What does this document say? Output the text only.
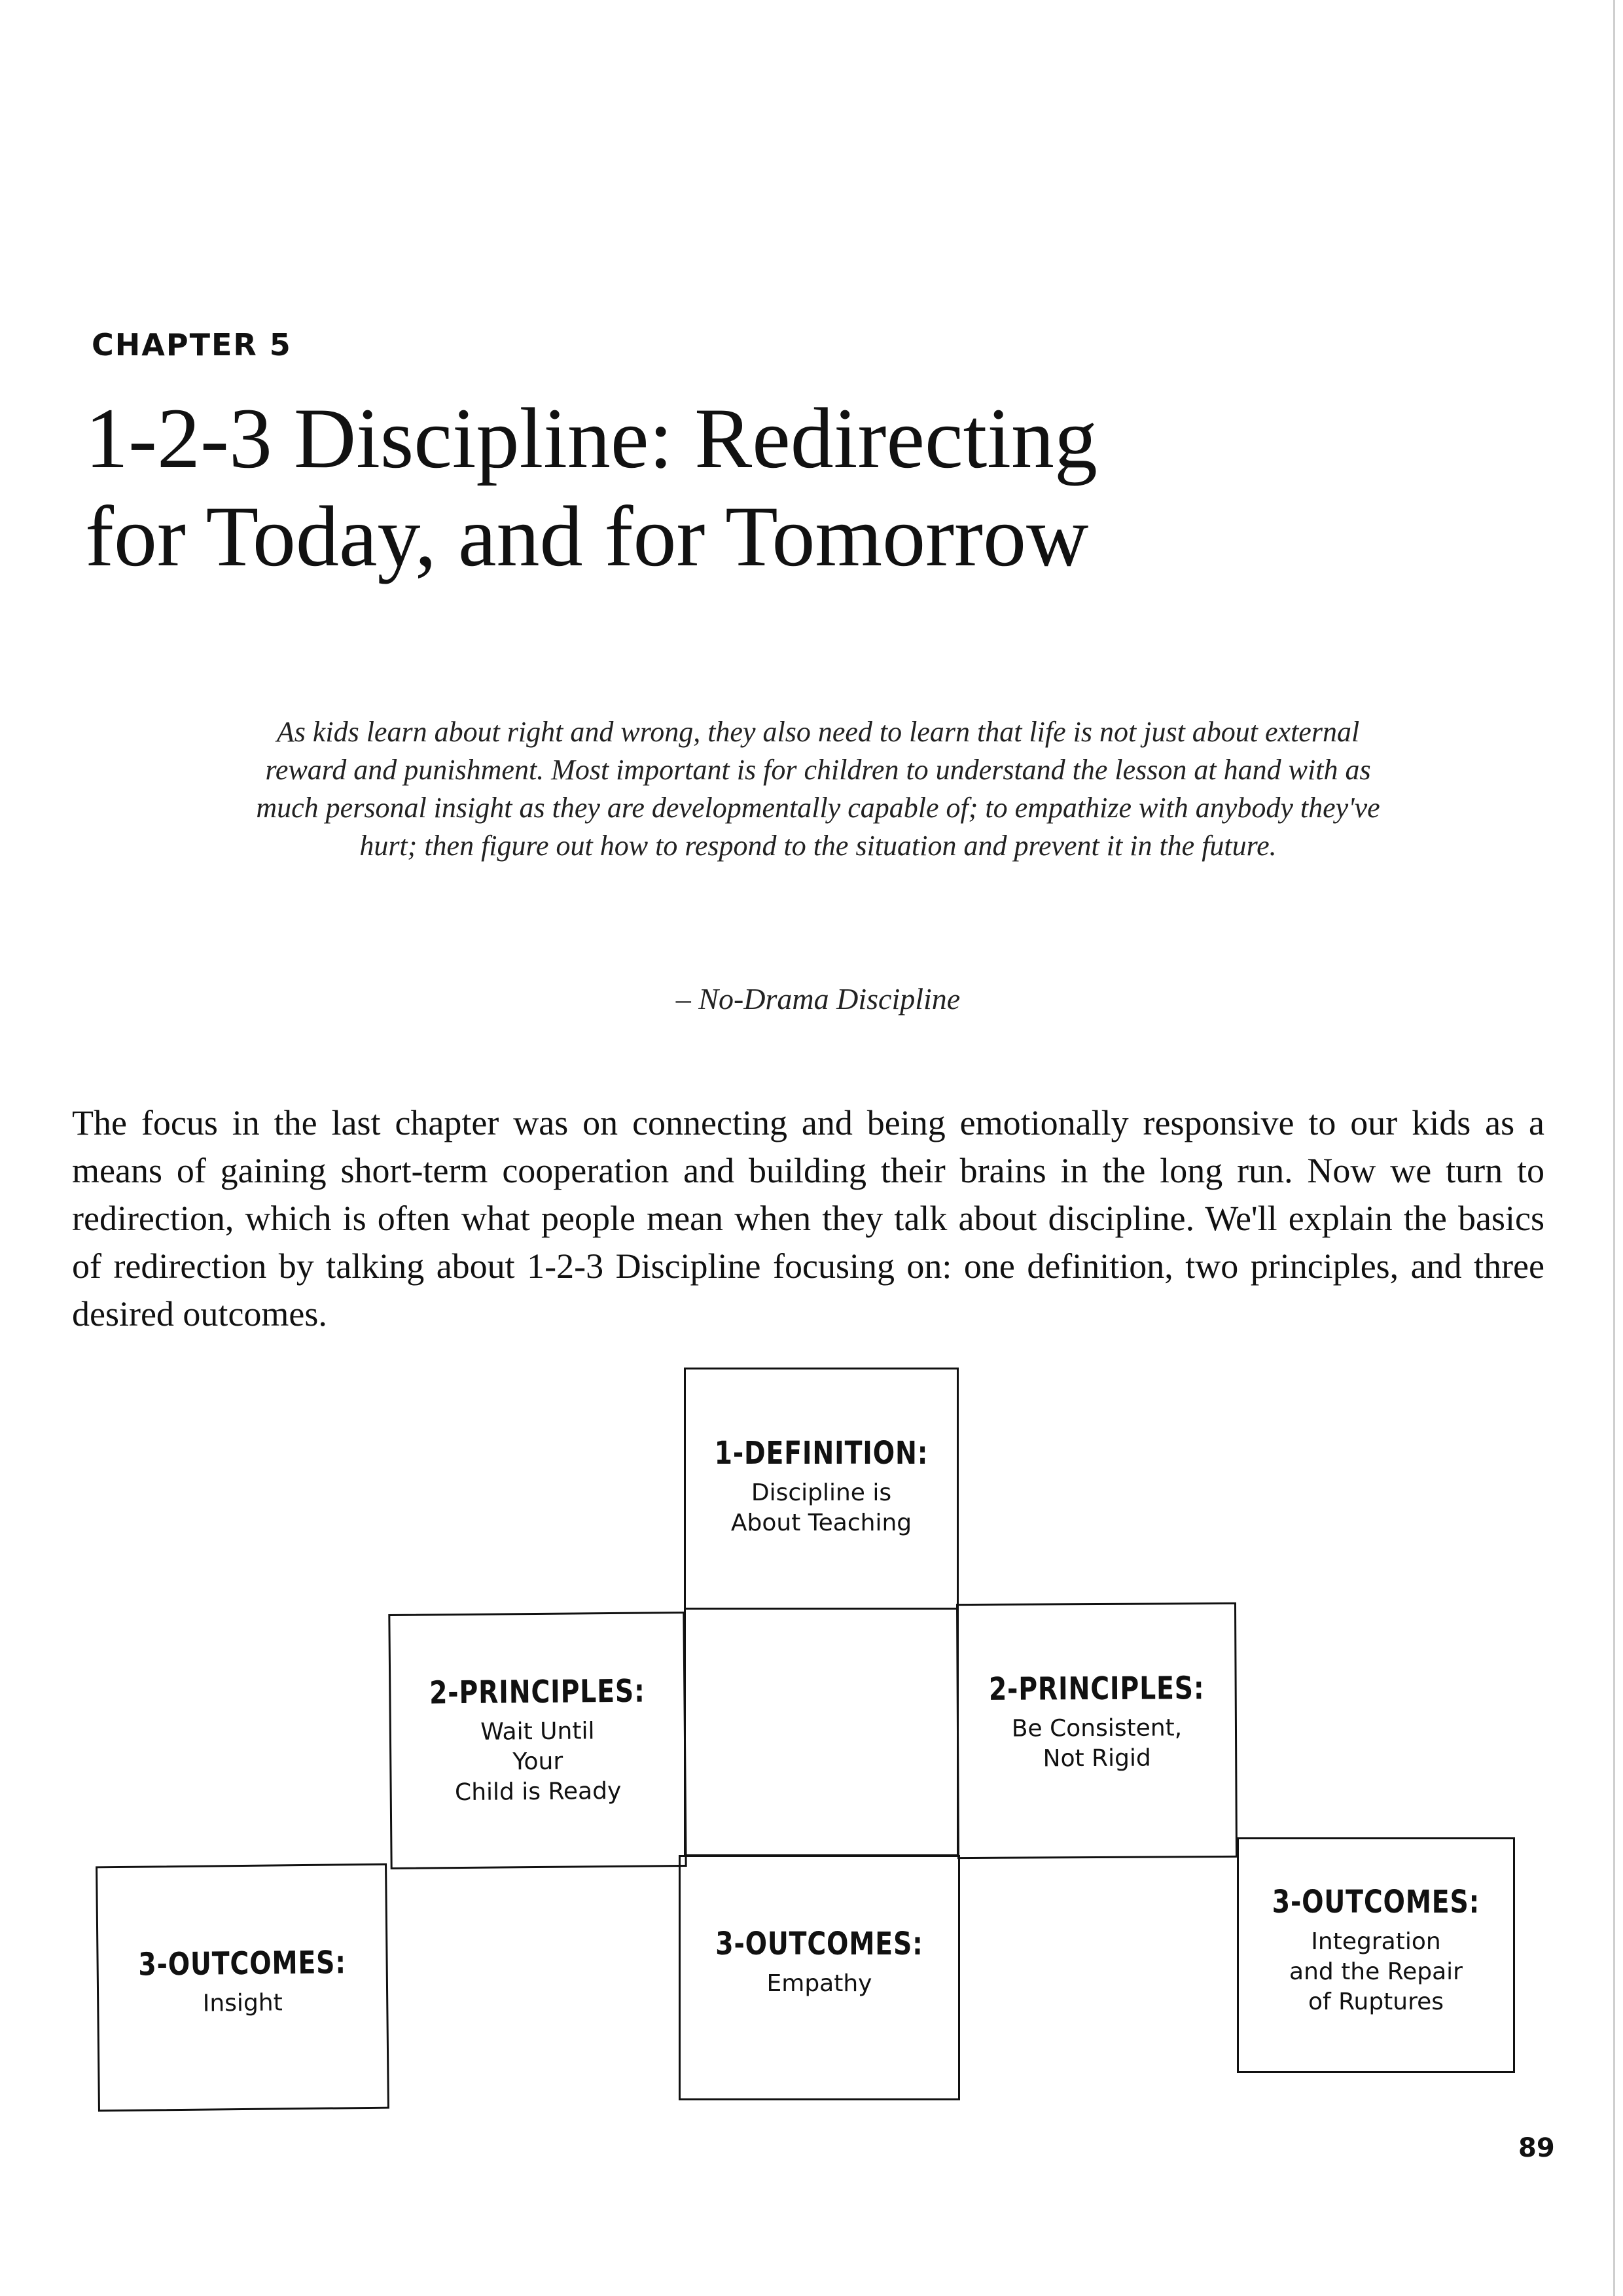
CHAPTER 5
1-2-3 Discipline: Redirecting
for Today, and for Tomorrow

As kids learn about right and wrong, they also need to learn that life is not just about external reward and punishment. Most important is for children to understand the lesson at hand with as much personal insight as they are developmentally capable of; to empathize with anybody they've hurt; then figure out how to respond to the situation and prevent it in the future.

– No-Drama Discipline

The focus in the last chapter was on connecting and being emotionally responsive to our kids as a means of gaining short-term cooperation and building their brains in the long run. Now we turn to redirection, which is often what people mean when they talk about discipline. We'll explain the basics of redirection by talking about 1-2-3 Discipline focusing on: one definition, two principles, and three desired outcomes.

1-DEFINITION:
Discipline is
About Teaching
2-PRINCIPLES:
Wait Until
Your
Child is Ready
2-PRINCIPLES:
Be Consistent,
Not Rigid
3-OUTCOMES:
Insight
3-OUTCOMES:
Empathy
3-OUTCOMES:
Integration
and the Repair
of Ruptures
89
